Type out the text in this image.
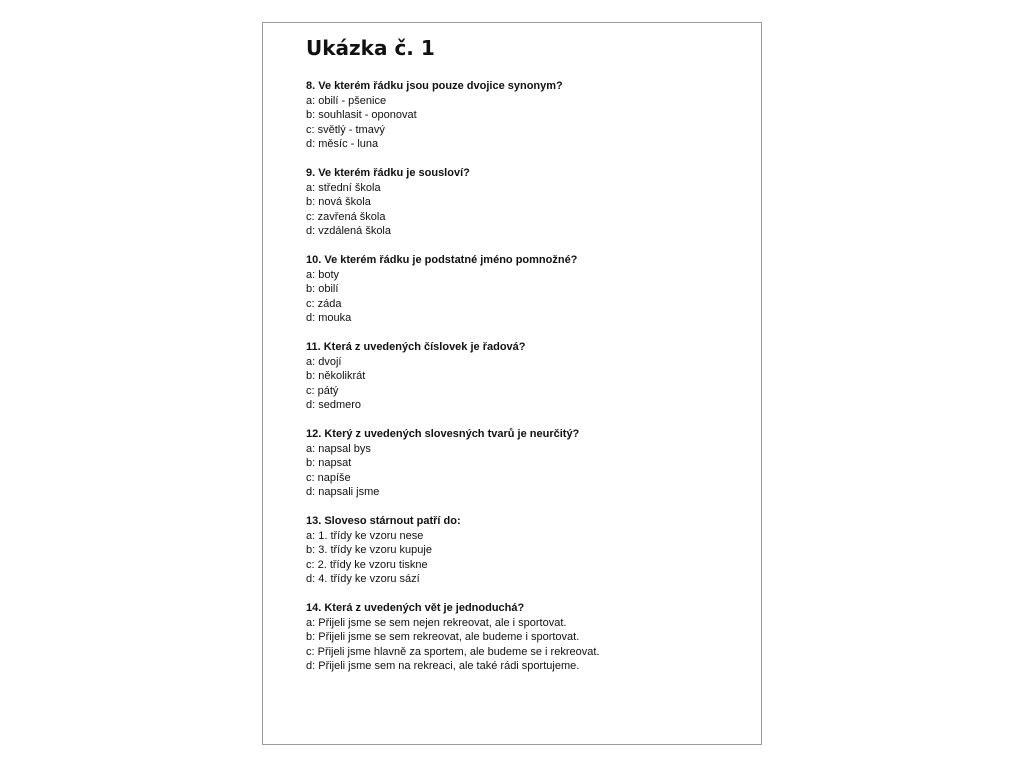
Ukázka č. 1
8. Ve kterém řádku jsou pouze dvojice synonym?
a: obilí - pšenice
b: souhlasit - oponovat
c: světlý - tmavý
d: měsíc - luna
9. Ve kterém řádku je sousloví?
a: střední škola
b: nová škola
c: zavřená škola
d: vzdálená škola
10. Ve kterém řádku je podstatné jméno pomnožné?
a: boty
b: obilí
c: záda
d: mouka
11. Která z uvedených číslovek je řadová?
a: dvojí
b: několikrát
c: pátý
d: sedmero
12. Který z uvedených slovesných tvarů je neurčitý?
a: napsal bys
b: napsat
c: napíše
d: napsali jsme
13. Sloveso stárnout patří do:
a: 1. třídy ke vzoru nese
b: 3. třídy ke vzoru kupuje
c: 2. třídy ke vzoru tiskne
d: 4. třídy ke vzoru sází
14. Která z uvedených vět je jednoduchá?
a: Přijeli jsme se sem nejen rekreovat, ale i sportovat.
b: Přijeli jsme se sem rekreovat, ale budeme i sportovat.
c: Přijeli jsme hlavně za sportem, ale budeme se i rekreovat.
d: Přijeli jsme sem na rekreaci, ale také rádi sportujeme.
